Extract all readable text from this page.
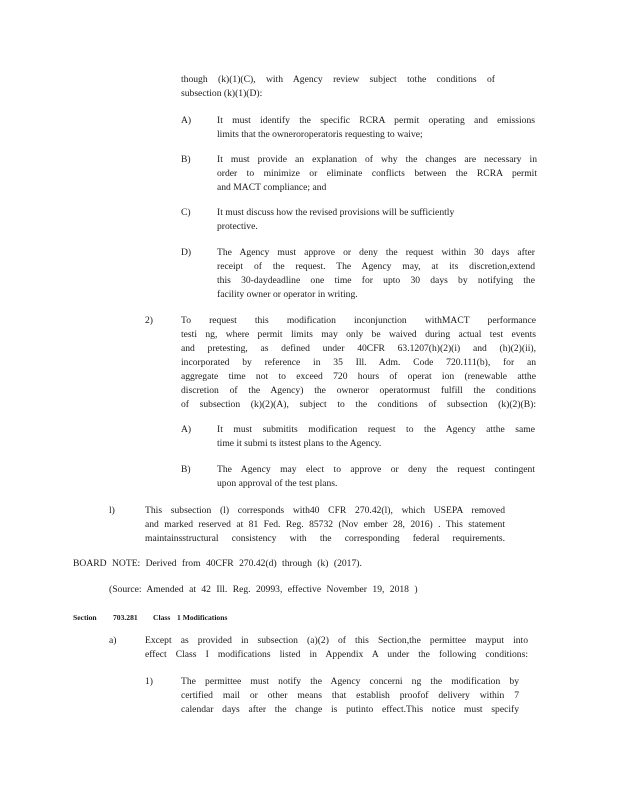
though (k)(1)(C), with Agency review subject tothe conditions of
subsection (k)(1)(D):
A)	It must identify the specific RCRA permit operating and emissions
limits that the owneroroperatoris requesting to waive;
B)	It must provide an explanation of why the changes are necessary in
order to minimize or eliminate conflicts between the RCRA permit
and MACT compliance; and
C)	It must discuss how the revised provisions will be sufficiently
protective.
D)	The Agency must approve or deny the request within 30 days after
receipt of the request. The Agency may, at its discretion,extend
this 30-daydeadline one time for upto 30 days by notifying the
facility owner or operator in writing.
2)	To request this modification inconjunction withMACT performance
testi ng, where permit limits may only be waived during actual test events
and pretesting, as defined under 40CFR 63.1207(h)(2)(i) and (h)(2)(ii),
incorporated by reference in 35 Ill. Adm. Code 720.111(b), for an
aggregate time not to exceed 720 hours of operat ion (renewable atthe
discretion of the Agency) the owneror operatormust fulfill the conditions
of subsection (k)(2)(A), subject to the conditions of subsection (k)(2)(B):
A)	It must submitits modification request to the Agency atthe same
time it submi ts itstest plans to the Agency.
B)	The Agency may elect to approve or deny the request contingent
upon approval of the test plans.
l)	This subsection (l) corresponds with40 CFR 270.42(l), which USEPA removed
and marked reserved at 81 Fed. Reg. 85732 (Nov ember 28, 2016) . This statement
maintainsstructural consistency with the corresponding federal requirements.
BOARD NOTE: Derived from 40CFR 270.42(d) through (k) (2017).
(Source: Amended at 42 Ill. Reg. 20993, effective November 19, 2018 )
Section 703.281 Class 1 Modifications
a)	Except as provided in subsection (a)(2) of this Section,the permittee mayput into
effect Class I modifications listed in Appendix A under the following conditions:
1)	The permittee must notify the Agency concerni ng the modification by
certified mail or other means that establish proofof delivery within 7
calendar days after the change is putinto effect.This notice must specify
